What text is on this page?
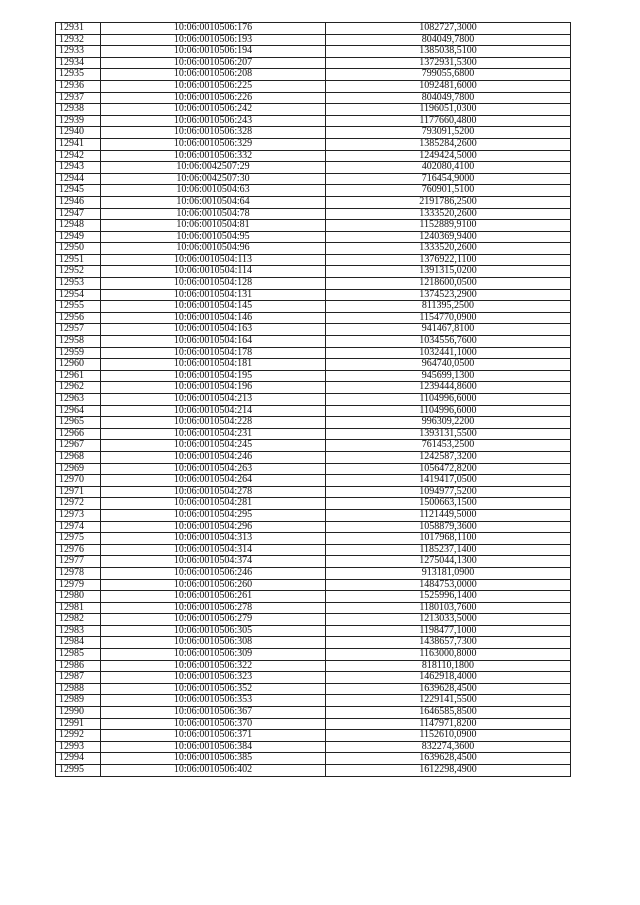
12931	10:06:0010506:176	1082727,3000
12932	10:06:0010506:193	804049,7800
12933	10:06:0010506:194	1385038,5100
12934	10:06:0010506:207	1372931,5300
12935	10:06:0010506:208	799055,6800
12936	10:06:0010506:225	1092481,6000
12937	10:06:0010506:226	804049,7800
12938	10:06:0010506:242	1196051,0300
12939	10:06:0010506:243	1177660,4800
12940	10:06:0010506:328	793091,5200
12941	10:06:0010506:329	1385284,2600
12942	10:06:0010506:332	1249424,5000
12943	10:06:0042507:29	402080,4100
12944	10:06:0042507:30	716454,9000
12945	10:06:0010504:63	760901,5100
12946	10:06:0010504:64	2191786,2500
12947	10:06:0010504:78	1333520,2600
12948	10:06:0010504:81	1152889,9100
12949	10:06:0010504:95	1240369,9400
12950	10:06:0010504:96	1333520,2600
12951	10:06:0010504:113	1376922,1100
12952	10:06:0010504:114	1391315,0200
12953	10:06:0010504:128	1218600,0500
12954	10:06:0010504:131	1374523,2900
12955	10:06:0010504:145	811395,2500
12956	10:06:0010504:146	1154770,0900
12957	10:06:0010504:163	941467,8100
12958	10:06:0010504:164	1034556,7600
12959	10:06:0010504:178	1032441,1000
12960	10:06:0010504:181	964740,0500
12961	10:06:0010504:195	945699,1300
12962	10:06:0010504:196	1239444,8600
12963	10:06:0010504:213	1104996,6000
12964	10:06:0010504:214	1104996,6000
12965	10:06:0010504:228	996309,2200
12966	10:06:0010504:231	1393131,5500
12967	10:06:0010504:245	761453,2500
12968	10:06:0010504:246	1242587,3200
12969	10:06:0010504:263	1056472,8200
12970	10:06:0010504:264	1419417,0500
12971	10:06:0010504:278	1094977,5200
12972	10:06:0010504:281	1500663,1500
12973	10:06:0010504:295	1121449,5000
12974	10:06:0010504:296	1058879,3600
12975	10:06:0010504:313	1017968,1100
12976	10:06:0010504:314	1185237,1400
12977	10:06:0010504:374	1275044,1300
12978	10:06:0010506:246	913181,0900
12979	10:06:0010506:260	1484753,0000
12980	10:06:0010506:261	1525996,1400
12981	10:06:0010506:278	1180103,7600
12982	10:06:0010506:279	1213033,5000
12983	10:06:0010506:305	1198477,1000
12984	10:06:0010506:308	1438657,7300
12985	10:06:0010506:309	1163000,8000
12986	10:06:0010506:322	818110,1800
12987	10:06:0010506:323	1462918,4000
12988	10:06:0010506:352	1639628,4500
12989	10:06:0010506:353	1229141,5500
12990	10:06:0010506:367	1646585,8500
12991	10:06:0010506:370	1147971,8200
12992	10:06:0010506:371	1152610,0900
12993	10:06:0010506:384	832274,3600
12994	10:06:0010506:385	1639628,4500
12995	10:06:0010506:402	1612298,4900
